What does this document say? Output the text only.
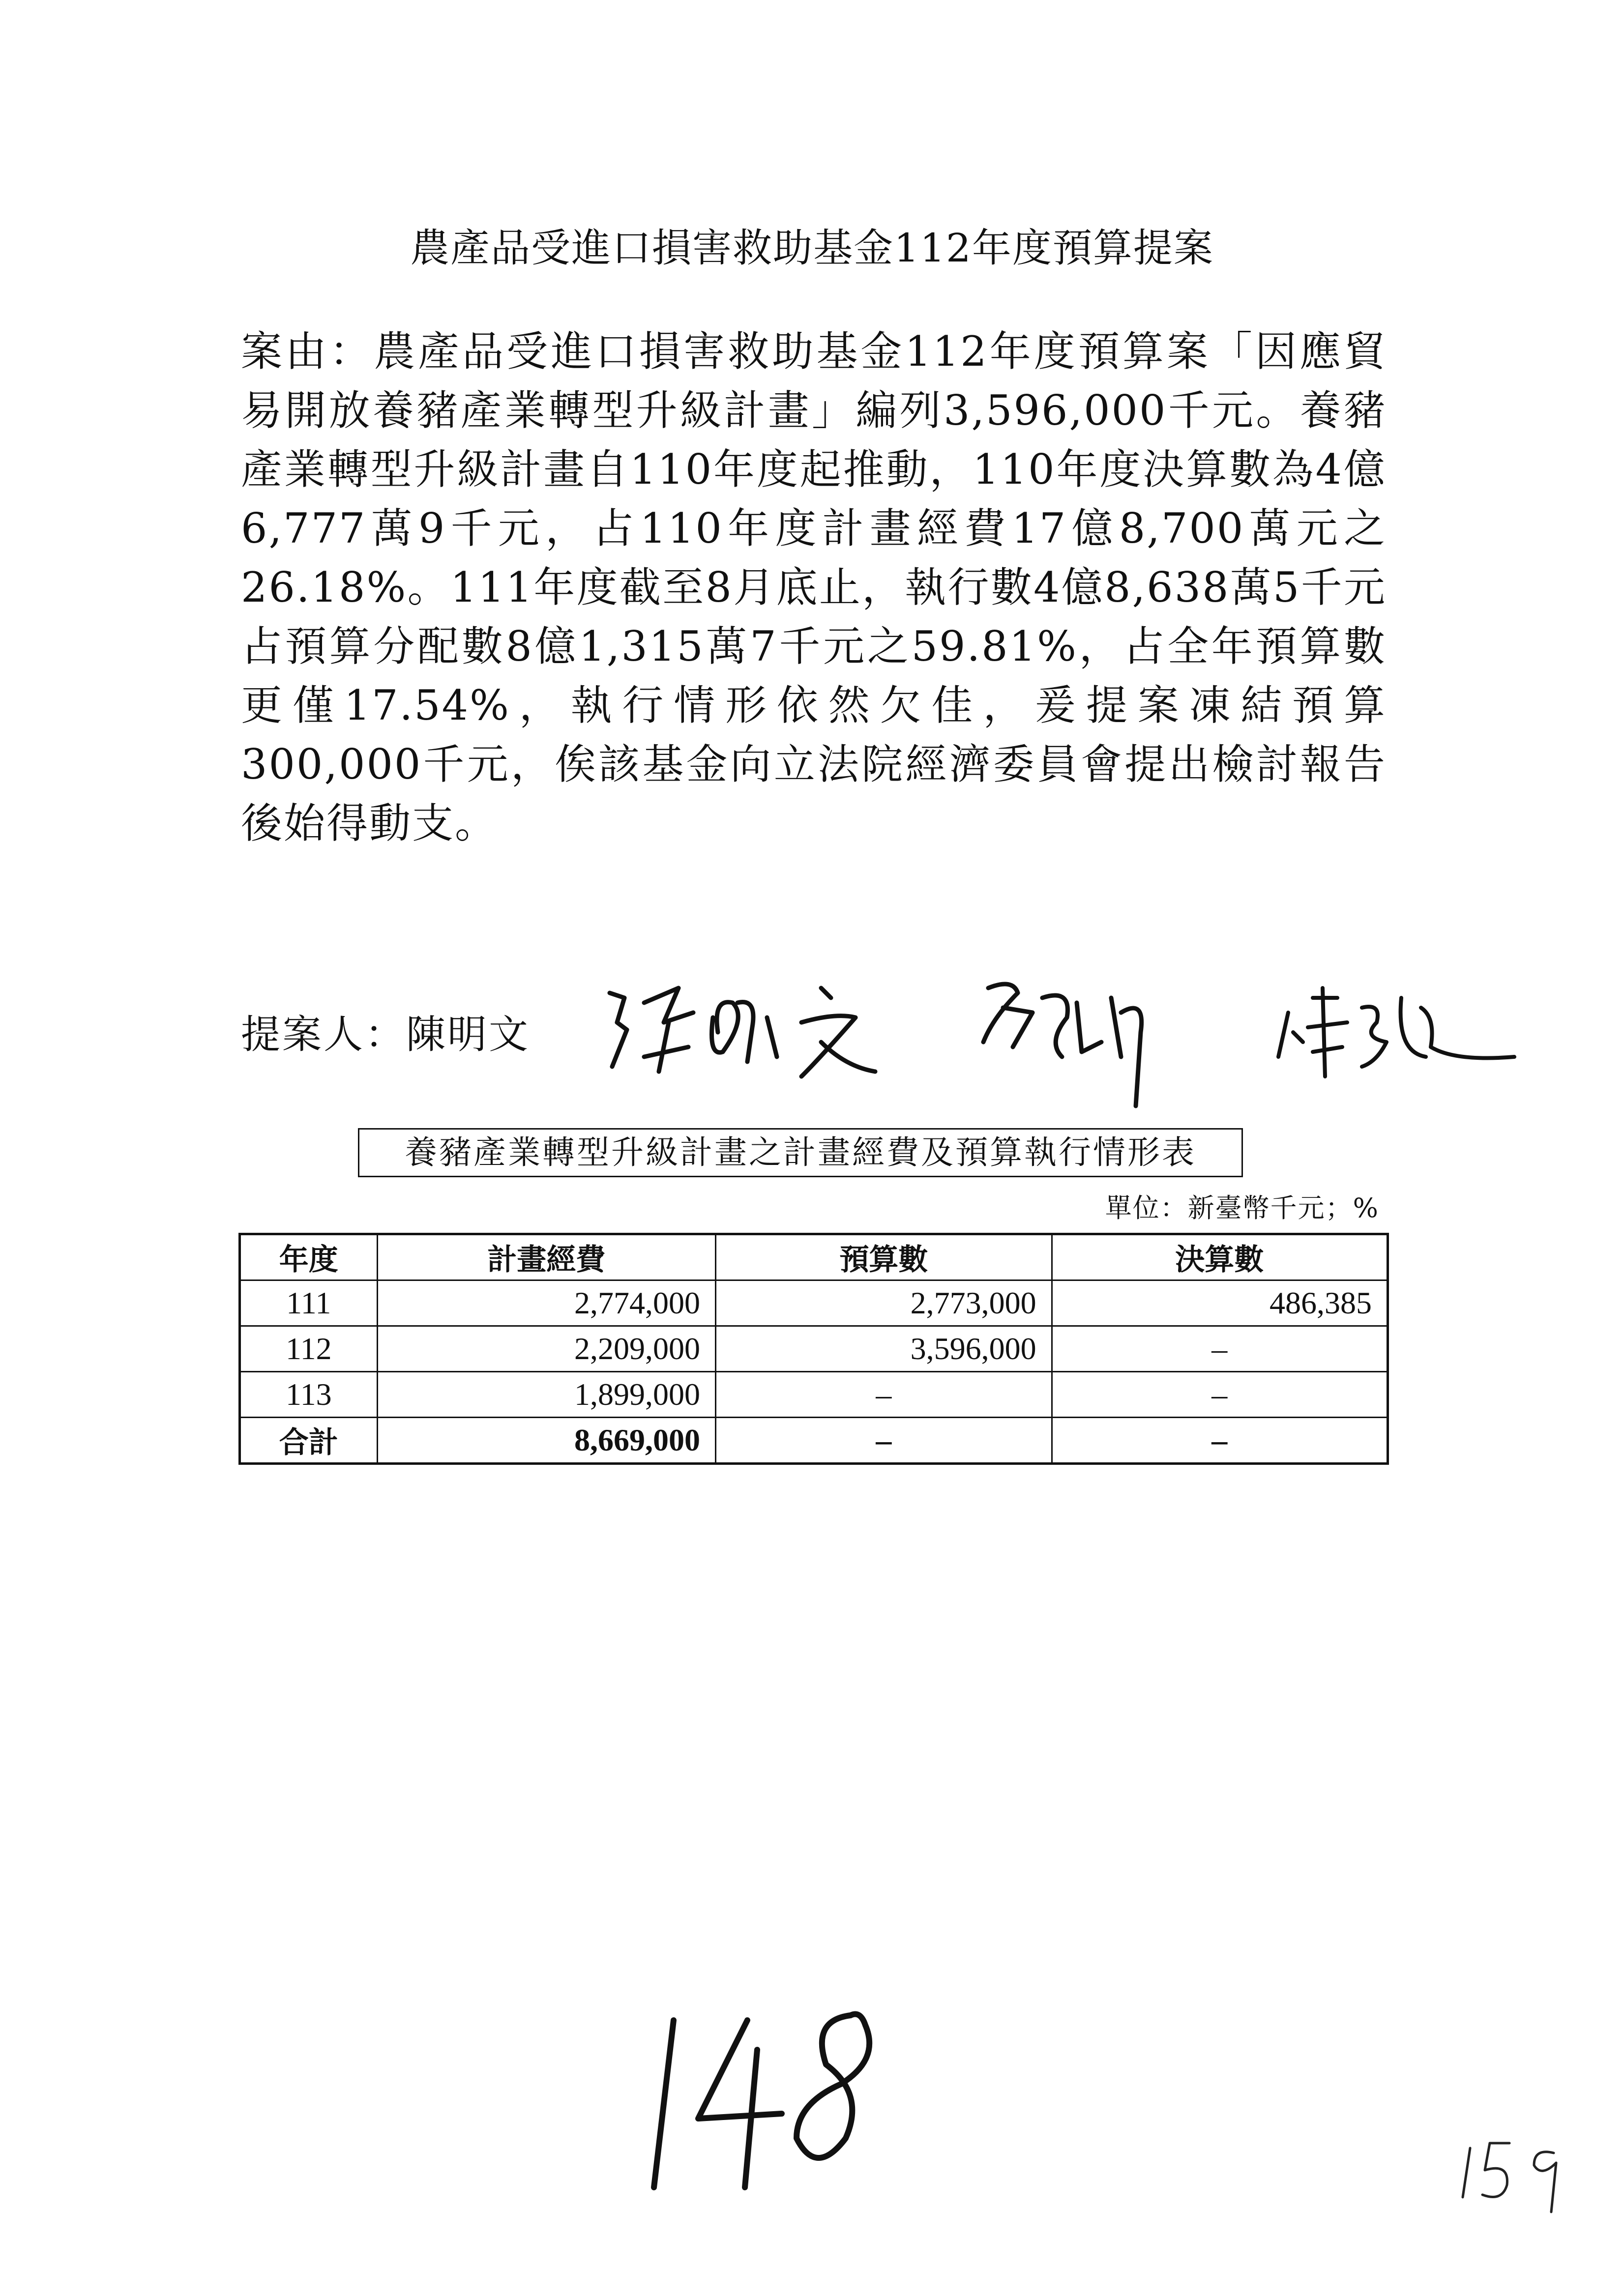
農產品受進口損害救助基金112年度預算提案
案由：農產品受進口損害救助基金112年度預算案「因應貿易開放養豬產業轉型升級計畫」編列3,596,000千元。養豬產業轉型升級計畫自110年度起推動，110年度決算數為4億6,777萬9千元，占110年度計畫經費17億8,700萬元之26.18%。111年度截至8月底止，執行數4億8,638萬5千元占預算分配數8億1,315萬7千元之59.81%，占全年預算數更僅17.54%，執行情形依然欠佳，爰提案凍結預算300,000千元，俟該基金向立法院經濟委員會提出檢討報告後始得動支。
提案人：陳明文
養豬產業轉型升級計畫之計畫經費及預算執行情形表
單位：新臺幣千元；%
年度	計畫經費	預算數	決算數
111	2,774,000	2,773,000	486,385
112	2,209,000	3,596,000	–
113	1,899,000	–	–
合計	8,669,000	–	–
